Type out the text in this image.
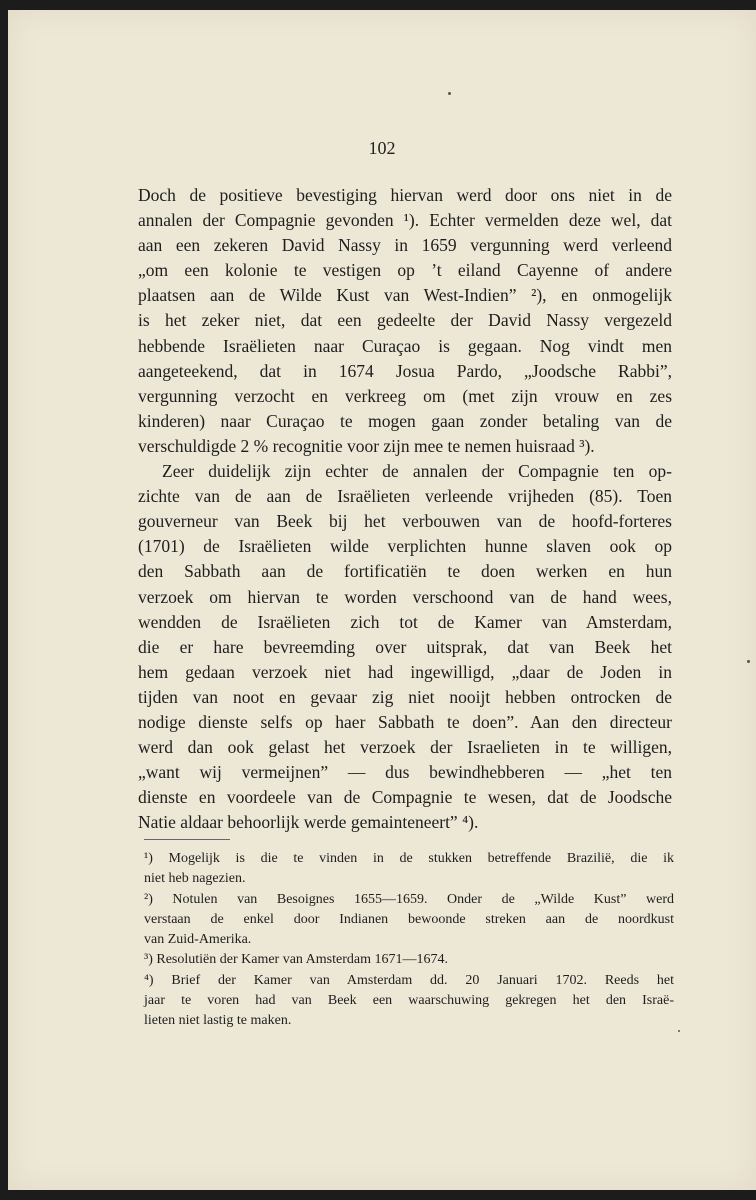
102
Doch de positieve bevestiging hiervan werd door ons niet in de
annalen der Compagnie gevonden ¹). Echter vermelden deze wel, dat
aan een zekeren David Nassy in 1659 vergunning werd verleend
„om een kolonie te vestigen op ’t eiland Cayenne of andere
plaatsen aan de Wilde Kust van West-Indien” ²), en onmogelijk
is het zeker niet, dat een gedeelte der David Nassy vergezeld
hebbende Israëlieten naar Curaçao is gegaan. Nog vindt men
aangeteekend, dat in 1674 Josua Pardo, „Joodsche Rabbi”,
vergunning verzocht en verkreeg om (met zijn vrouw en zes
kinderen) naar Curaçao te mogen gaan zonder betaling van de
verschuldigde 2 % recognitie voor zijn mee te nemen huisraad ³).
Zeer duidelijk zijn echter de annalen der Compagnie ten op-
zichte van de aan de Israëlieten verleende vrijheden (85). Toen
gouverneur van Beek bij het verbouwen van de hoofd-forteres
(1701) de Israëlieten wilde verplichten hunne slaven ook op
den Sabbath aan de fortificatiën te doen werken en hun
verzoek om hiervan te worden verschoond van de hand wees,
wendden de Israëlieten zich tot de Kamer van Amsterdam,
die er hare bevreemding over uitsprak, dat van Beek het
hem gedaan verzoek niet had ingewilligd, „daar de Joden in
tijden van noot en gevaar zig niet nooijt hebben ontrocken de
nodige dienste selfs op haer Sabbath te doen”. Aan den directeur
werd dan ook gelast het verzoek der Israelieten in te willigen,
„want wij vermeijnen” — dus bewindhebberen — „het ten
dienste en voordeele van de Compagnie te wesen, dat de Joodsche
Natie aldaar behoorlijk werde gemainteneert” ⁴).
¹) Mogelijk is die te vinden in de stukken betreffende Brazilië, die ik
niet heb nagezien.
²) Notulen van Besoignes 1655—1659. Onder de „Wilde Kust” werd
verstaan de enkel door Indianen bewoonde streken aan de noordkust
van Zuid-Amerika.
³) Resolutiën der Kamer van Amsterdam 1671—1674.
⁴) Brief der Kamer van Amsterdam dd. 20 Januari 1702. Reeds het
jaar te voren had van Beek een waarschuwing gekregen het den Israë-
lieten niet lastig te maken.
